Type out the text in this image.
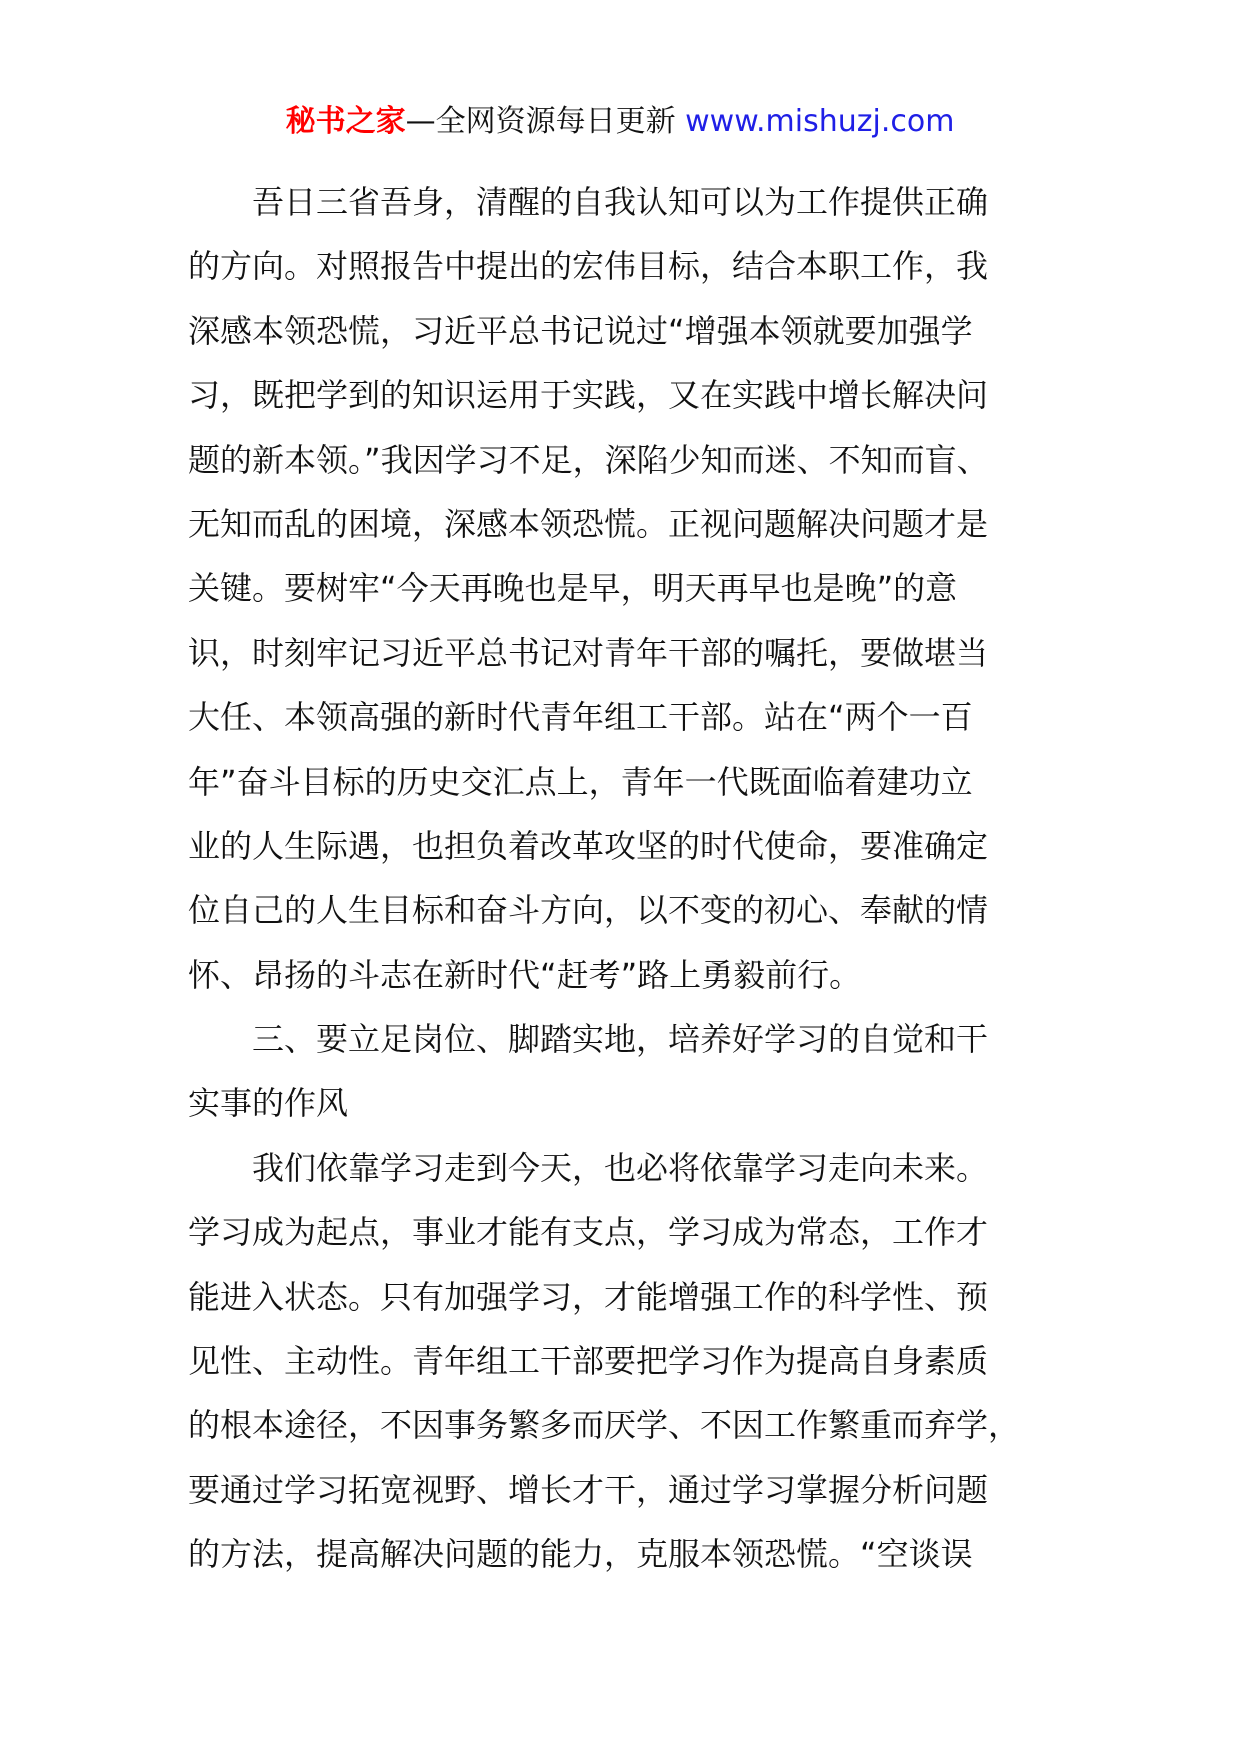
秘书之家—全网资源每日更新 www.mishuzj.com
吾日三省吾身，清醒的自我认知可以为工作提供正确
的方向。对照报告中提出的宏伟目标，结合本职工作，我
深感本领恐慌，习近平总书记说过“增强本领就要加强学
习，既把学到的知识运用于实践，又在实践中增长解决问
题的新本领。”我因学习不足，深陷少知而迷、不知而盲、
无知而乱的困境，深感本领恐慌。正视问题解决问题才是
关键。要树牢“今天再晚也是早，明天再早也是晚”的意
识，时刻牢记习近平总书记对青年干部的嘱托，要做堪当
大任、本领高强的新时代青年组工干部。站在“两个一百
年”奋斗目标的历史交汇点上，青年一代既面临着建功立
业的人生际遇，也担负着改革攻坚的时代使命，要准确定
位自己的人生目标和奋斗方向，以不变的初心、奉献的情
怀、昂扬的斗志在新时代“赶考”路上勇毅前行。
三、要立足岗位、脚踏实地，培养好学习的自觉和干
实事的作风
我们依靠学习走到今天，也必将依靠学习走向未来。
学习成为起点，事业才能有支点，学习成为常态，工作才
能进入状态。只有加强学习，才能增强工作的科学性、预
见性、主动性。青年组工干部要把学习作为提高自身素质
的根本途径，不因事务繁多而厌学、不因工作繁重而弃学，
要通过学习拓宽视野、增长才干，通过学习掌握分析问题
的方法，提高解决问题的能力，克服本领恐慌。“空谈误
